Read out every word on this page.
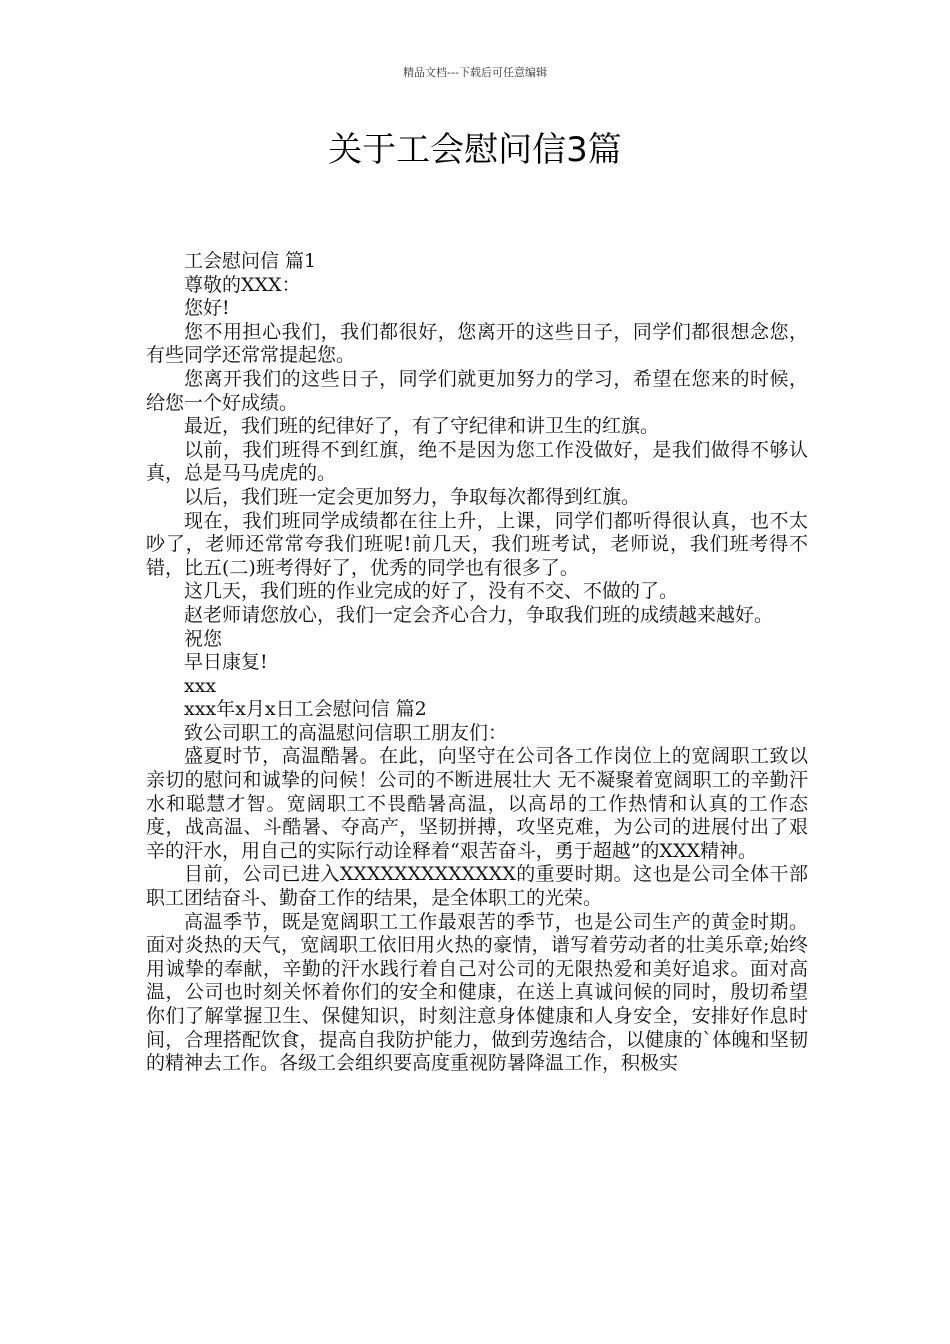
精品文档---下载后可任意编辑
关于工会慰问信3篇

工会慰问信 篇1

尊敬的XXX：

您好!

您不用担心我们，我们都很好，您离开的这些日子，同学们都很想念您，有些同学还常常提起您。

您离开我们的这些日子，同学们就更加努力的学习，希望在您来的时候，给您一个好成绩。

最近，我们班的纪律好了，有了守纪律和讲卫生的红旗。

以前，我们班得不到红旗，绝不是因为您工作没做好，是我们做得不够认真，总是马马虎虎的。

以后，我们班一定会更加努力，争取每次都得到红旗。

现在，我们班同学成绩都在往上升，上课，同学们都听得很认真，也不太吵了，老师还常常夸我们班呢!前几天，我们班考试，老师说，我们班考得不错，比五(二)班考得好了，优秀的同学也有很多了。

这几天，我们班的作业完成的好了，没有不交、不做的了。

赵老师请您放心，我们一定会齐心合力，争取我们班的成绩越来越好。

祝您

早日康复!

xxx

xxx年x月x日工会慰问信 篇2

致公司职工的高温慰问信职工朋友们：

盛夏时节，高温酷暑。在此，向坚守在公司各工作岗位上的宽阔职工致以亲切的慰问和诚挚的问候！公司的不断进展壮大 无不凝聚着宽阔职工的辛勤汗水和聪慧才智。宽阔职工不畏酷暑高温，以高昂的工作热情和认真的工作态度，战高温、斗酷暑、夺高产，坚韧拼搏，攻坚克难，为公司的进展付出了艰辛的汗水，用自己的实际行动诠释着“艰苦奋斗，勇于超越”的XXX精神。

目前，公司已进入XXXXXXXXXXXXX的重要时期。这也是公司全体干部职工团结奋斗、勤奋工作的结果，是全体职工的光荣。

高温季节，既是宽阔职工工作最艰苦的季节，也是公司生产的黄金时期。面对炎热的天气，宽阔职工依旧用火热的豪情，谱写着劳动者的壮美乐章;始终用诚挚的奉献，辛勤的汗水践行着自己对公司的无限热爱和美好追求。面对高温，公司也时刻关怀着你们的安全和健康，在送上真诚问候的同时，殷切希望你们了解掌握卫生、保健知识，时刻注意身体健康和人身安全，安排好作息时间，合理搭配饮食，提高自我防护能力，做到劳逸结合，以健康的`体魄和坚韧的精神去工作。各级工会组织要高度重视防暑降温工作，积极实
